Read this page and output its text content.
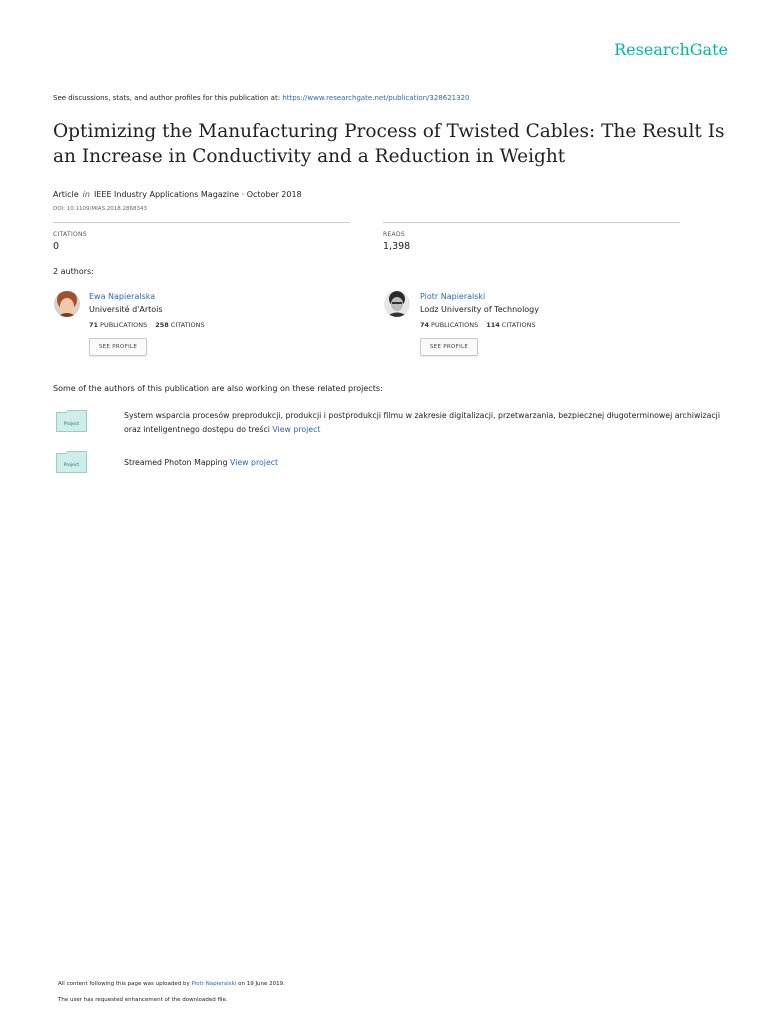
ResearchGate
See discussions, stats, and author profiles for this publication at: https://www.researchgate.net/publication/328621320
Optimizing the Manufacturing Process of Twisted Cables: The Result Is an Increase in Conductivity and a Reduction in Weight
Article in IEEE Industry Applications Magazine · October 2018
DOI: 10.1109/MIAS.2018.2868343
CITATIONS
0
READS
1,398
2 authors:
Ewa Napieralska
Université d'Artois
71 PUBLICATIONS 258 CITATIONS
SEE PROFILE
Piotr Napieralski
Lodz University of Technology
74 PUBLICATIONS 114 CITATIONS
SEE PROFILE
Some of the authors of this publication are also working on these related projects:
Project
System wsparcia procesów preprodukcji, produkcji i postprodukcji filmu w zakresie digitalizacji, przetwarzania, bezpiecznej długoterminowej archiwizacji oraz inteligentnego dostępu do treści View project
Project	Streamed Photon Mapping View project
All content following this page was uploaded by Piotr Napieralski on 19 June 2019.
The user has requested enhancement of the downloaded file.
